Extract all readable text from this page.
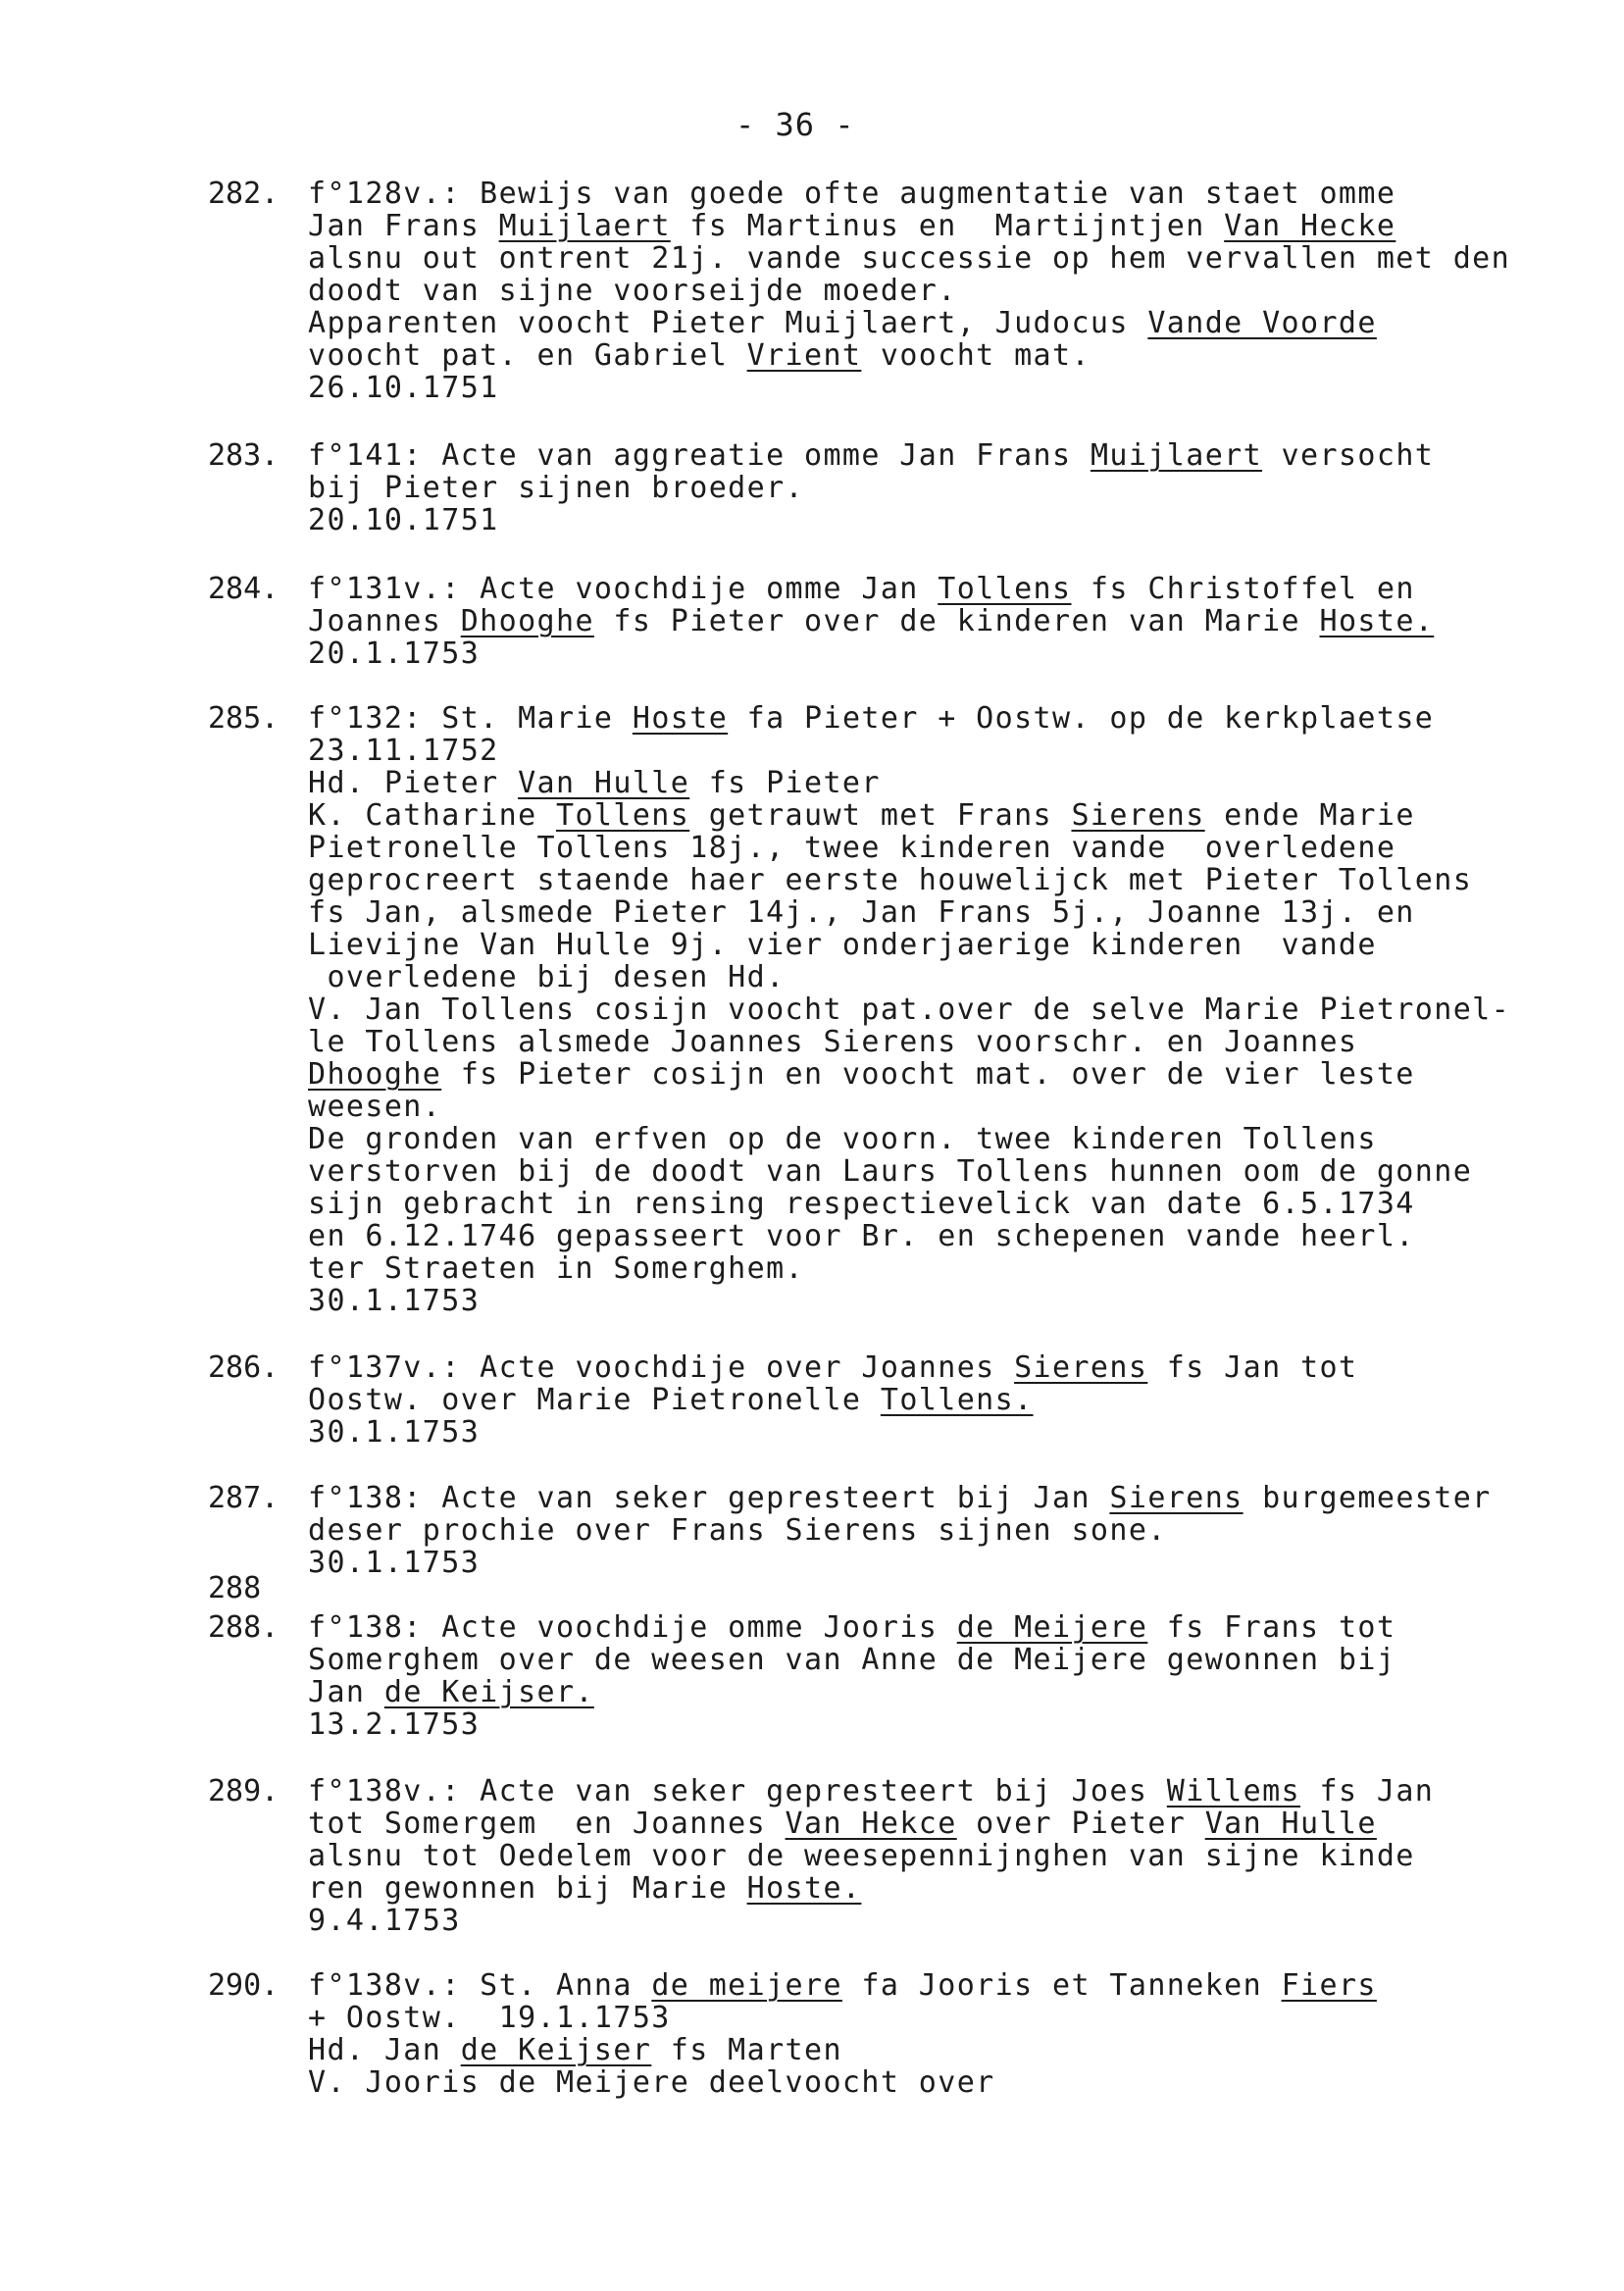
- 36 -
282. f°128v.: Bewijs van goede ofte augmentatie van staet omme
Jan Frans Muijlaert fs Martinus en  Martijntjen Van Hecke
alsnu out ontrent 21j. vande successie op hem vervallen met den
doodt van sijne voorseijde moeder.
Apparenten voocht Pieter Muijlaert, Judocus Vande Voorde
voocht pat. en Gabriel Vrient voocht mat.
26.10.1751
283. f°141: Acte van aggreatie omme Jan Frans Muijlaert versocht
bij Pieter sijnen broeder.
20.10.1751
284. f°131v.: Acte voochdije omme Jan Tollens fs Christoffel en
Joannes Dhooghe fs Pieter over de kinderen van Marie Hoste.
20.1.1753
285. f°132: St. Marie Hoste fa Pieter + Oostw. op de kerkplaetse
23.11.1752
Hd. Pieter Van Hulle fs Pieter
K. Catharine Tollens getrauwt met Frans Sierens ende Marie
Pietronelle Tollens 18j., twee kinderen vande  overledene
geprocreert staende haer eerste houwelijck met Pieter Tollens
fs Jan, alsmede Pieter 14j., Jan Frans 5j., Joanne 13j. en
Lievijne Van Hulle 9j. vier onderjaerige kinderen  vande
overledene bij desen Hd.
V. Jan Tollens cosijn voocht pat.over de selve Marie Pietronel-
le Tollens alsmede Joannes Sierens voorschr. en Joannes
Dhooghe fs Pieter cosijn en voocht mat. over de vier leste
weesen.
De gronden van erfven op de voorn. twee kinderen Tollens
verstorven bij de doodt van Laurs Tollens hunnen oom de gonne
sijn gebracht in rensing respectievelick van date 6.5.1734
en 6.12.1746 gepasseert voor Br. en schepenen vande heerl.
ter Straeten in Somerghem.
30.1.1753
286. f°137v.: Acte voochdije over Joannes Sierens fs Jan tot
Oostw. over Marie Pietronelle Tollens.
30.1.1753
287. f°138: Acte van seker gepresteert bij Jan Sierens burgemeester
deser prochie over Frans Sierens sijnen sone.
30.1.1753
288
288. f°138: Acte voochdije omme Jooris de Meijere fs Frans tot
Somerghem over de weesen van Anne de Meijere gewonnen bij
Jan de Keijser.
13.2.1753
289. f°138v.: Acte van seker gepresteert bij Joes Willems fs Jan
tot Somergem  en Joannes Van Hekce over Pieter Van Hulle
alsnu tot Oedelem voor de weesepennijnghen van sijne kinde
ren gewonnen bij Marie Hoste.
9.4.1753
290. f°138v.: St. Anna de meijere fa Jooris et Tanneken Fiers
+ Oostw.  19.1.1753
Hd. Jan de Keijser fs Marten
V. Jooris de Meijere deelvoocht over
